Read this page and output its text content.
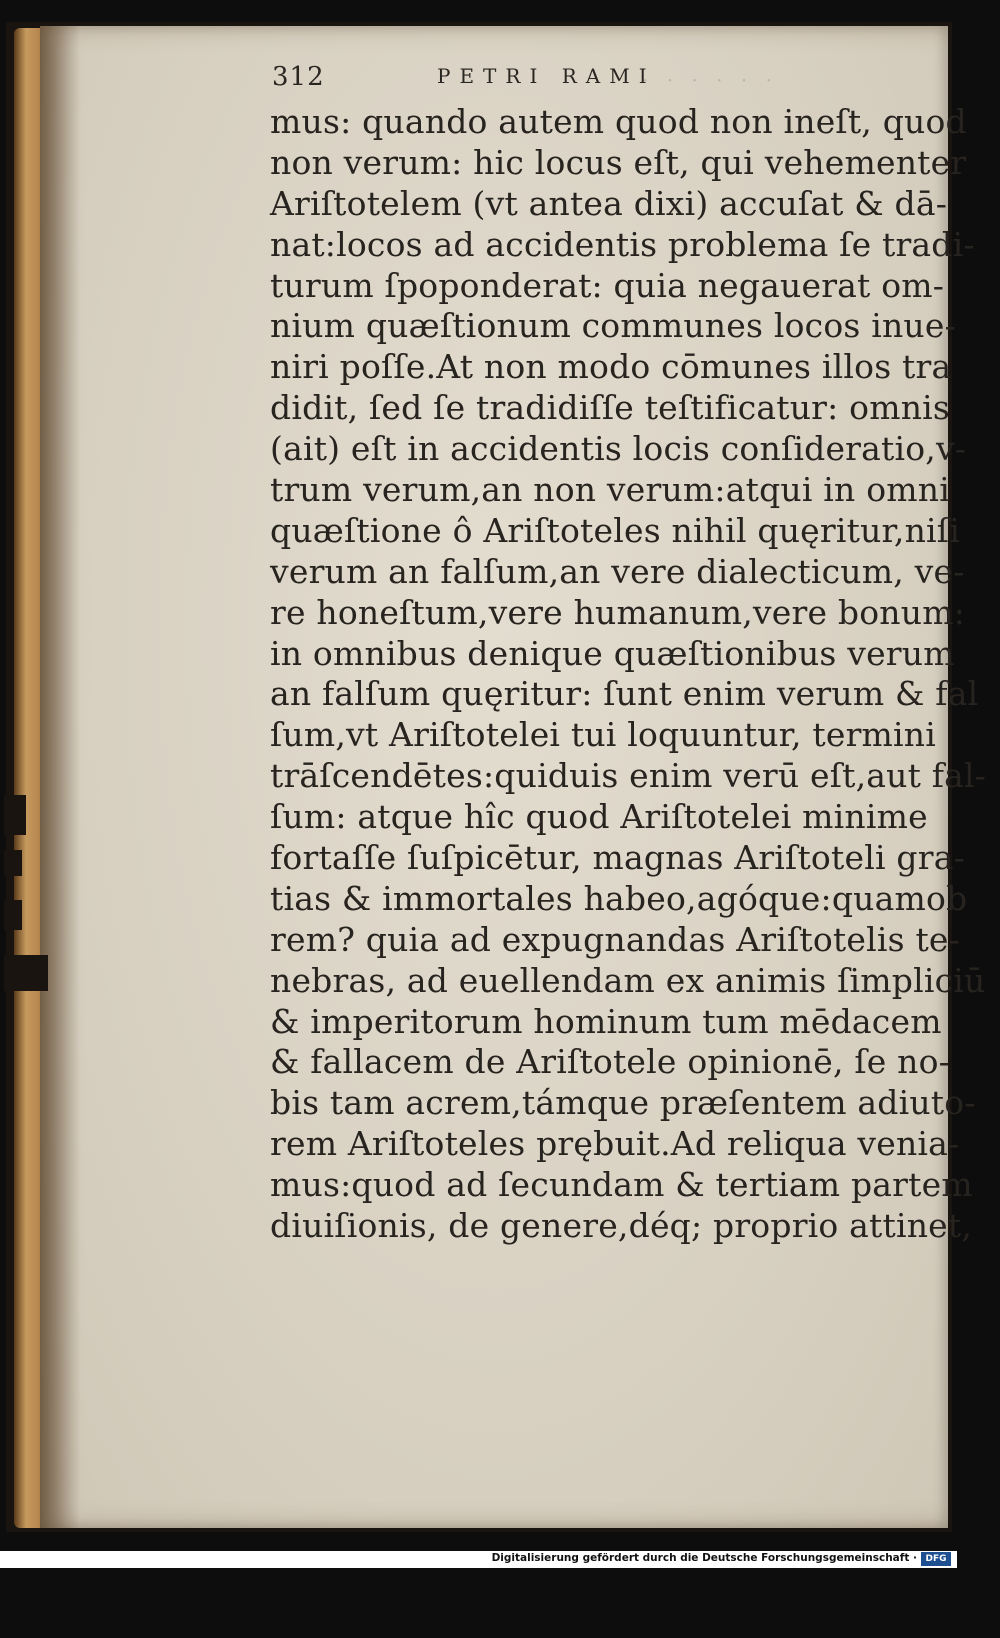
312	PETRI RAMI
· · · · · ·
mus: quando autem quod non ineſt, quod
non verum: hic locus eſt, qui vehementer
Ariſtotelem (vt antea dixi) accuſat & dā-
nat:locos ad accidentis problema ſe tradi-
turum ſpoponderat: quia negauerat om-
nium quæſtionum communes locos inue-
niri poſſe.At non modo cōmunes illos tra
didit, ſed ſe tradidiſſe teſtificatur: omnis
(ait) eſt in accidentis locis conſideratio,v-
trum verum,an non verum:atqui in omni
quæſtione ô Ariſtoteles nihil quęritur,niſi
verum an falſum,an vere dialecticum, ve-
re honeſtum,vere humanum,vere bonum:
in omnibus denique quæſtionibus verum
an falſum quęritur: ſunt enim verum & fal
ſum,vt Ariſtotelei tui loquuntur, termini
trāſcendētes:quiduis enim verū eſt,aut fal-
ſum: atque hîc quod Ariſtotelei minime
fortaſſe ſuſpicētur, magnas Ariſtoteli gra-
tias & immortales habeo,agóque:quamob
rem? quia ad expugnandas Ariſtotelis te-
nebras, ad euellendam ex animis ſimpliciū
& imperitorum hominum tum mēdacem
& fallacem de Ariſtotele opinionē, ſe no-
bis tam acrem,támque præſentem adiuto-
rem Ariſtoteles prębuit.Ad reliqua venia-
mus:quod ad ſecundam & tertiam partem
diuiſionis, de genere,déq; proprio attinet,
Digitalisierung gefördert durch die Deutsche Forschungsgemeinschaft · DFG
